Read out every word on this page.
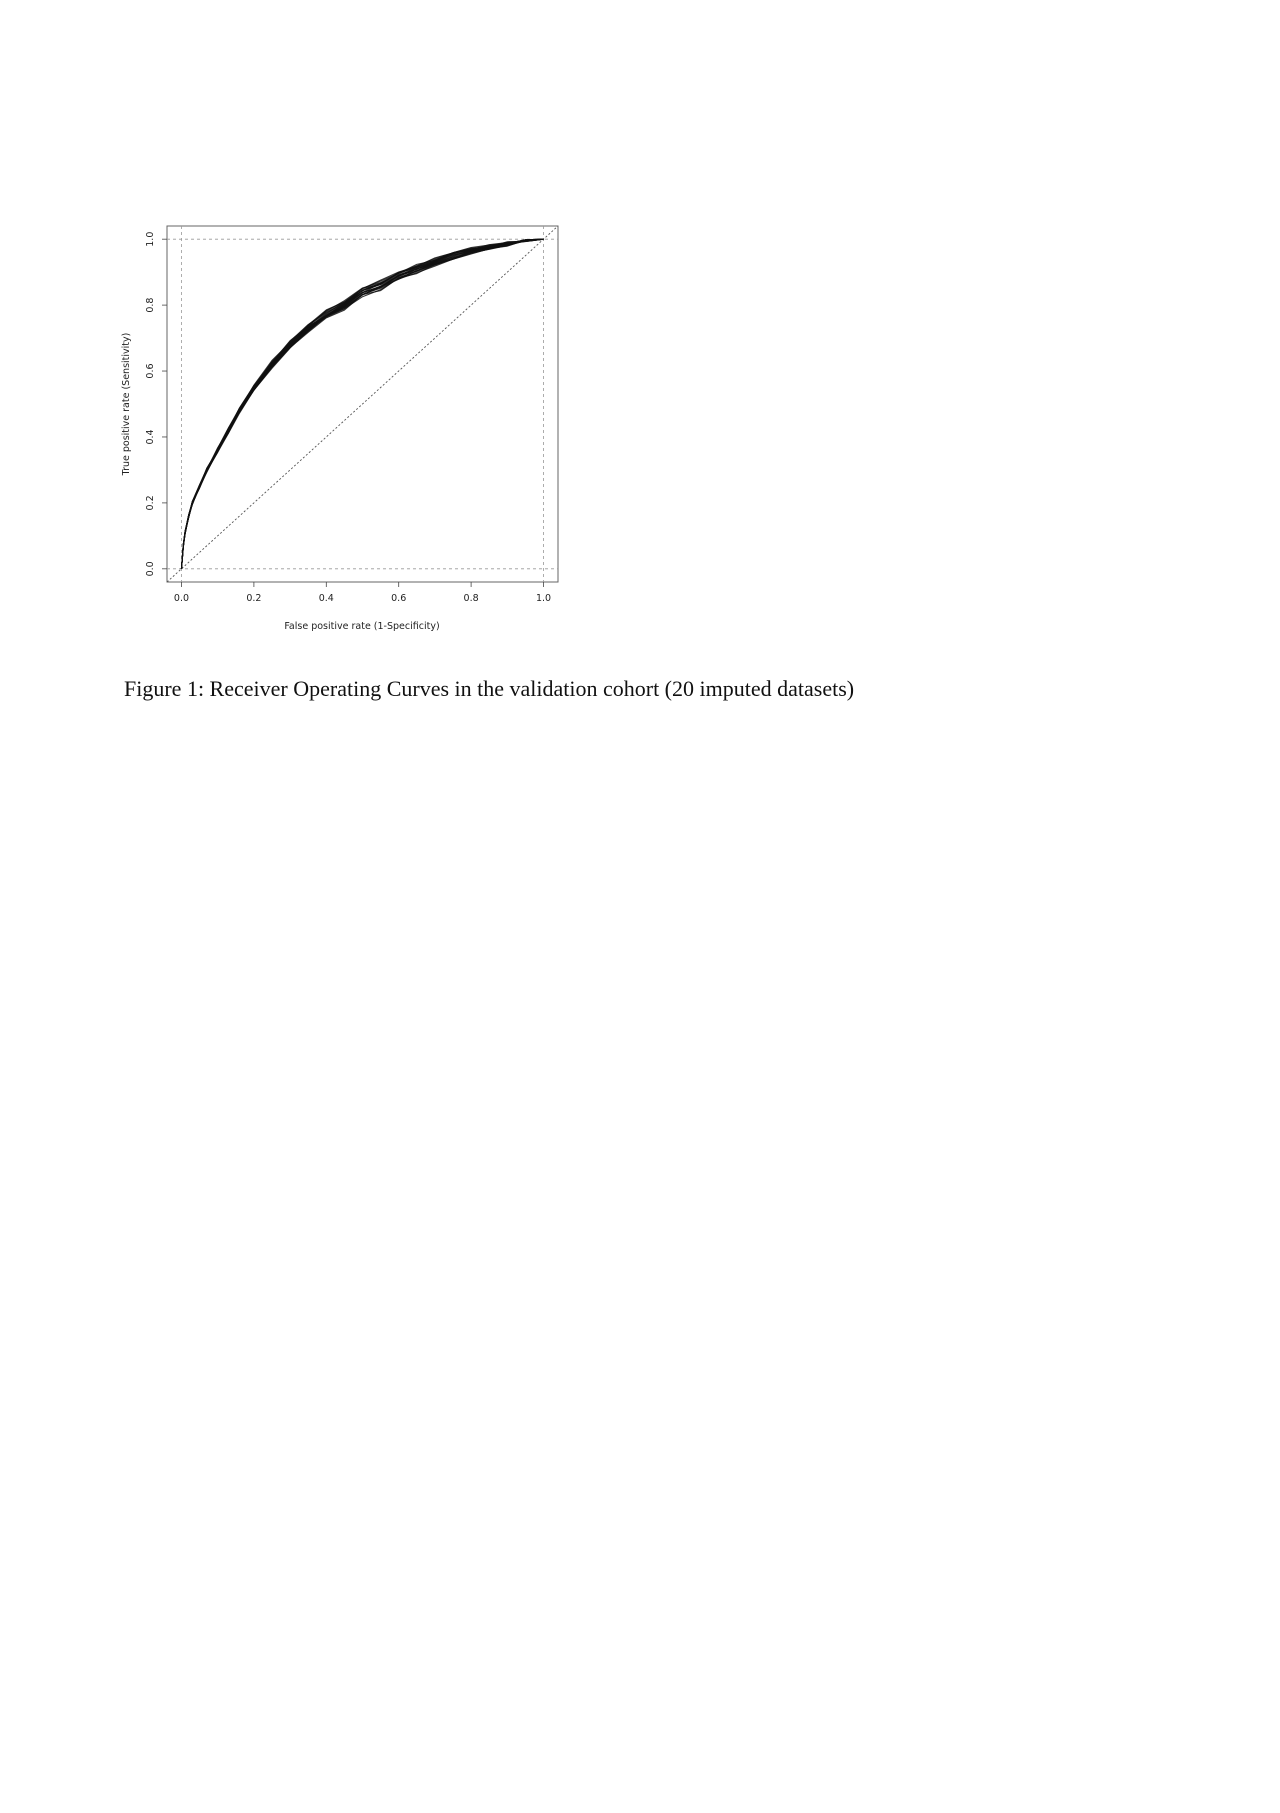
0.0	0.2	0.4	0.6	0.8	1.0
0.0
0.2
0.4
0.6
0.8
1.0
False positive rate (1-Specificity)
True positive rate (Sensitivity)
Figure 1: Receiver Operating Curves in the validation cohort (20 imputed datasets)
